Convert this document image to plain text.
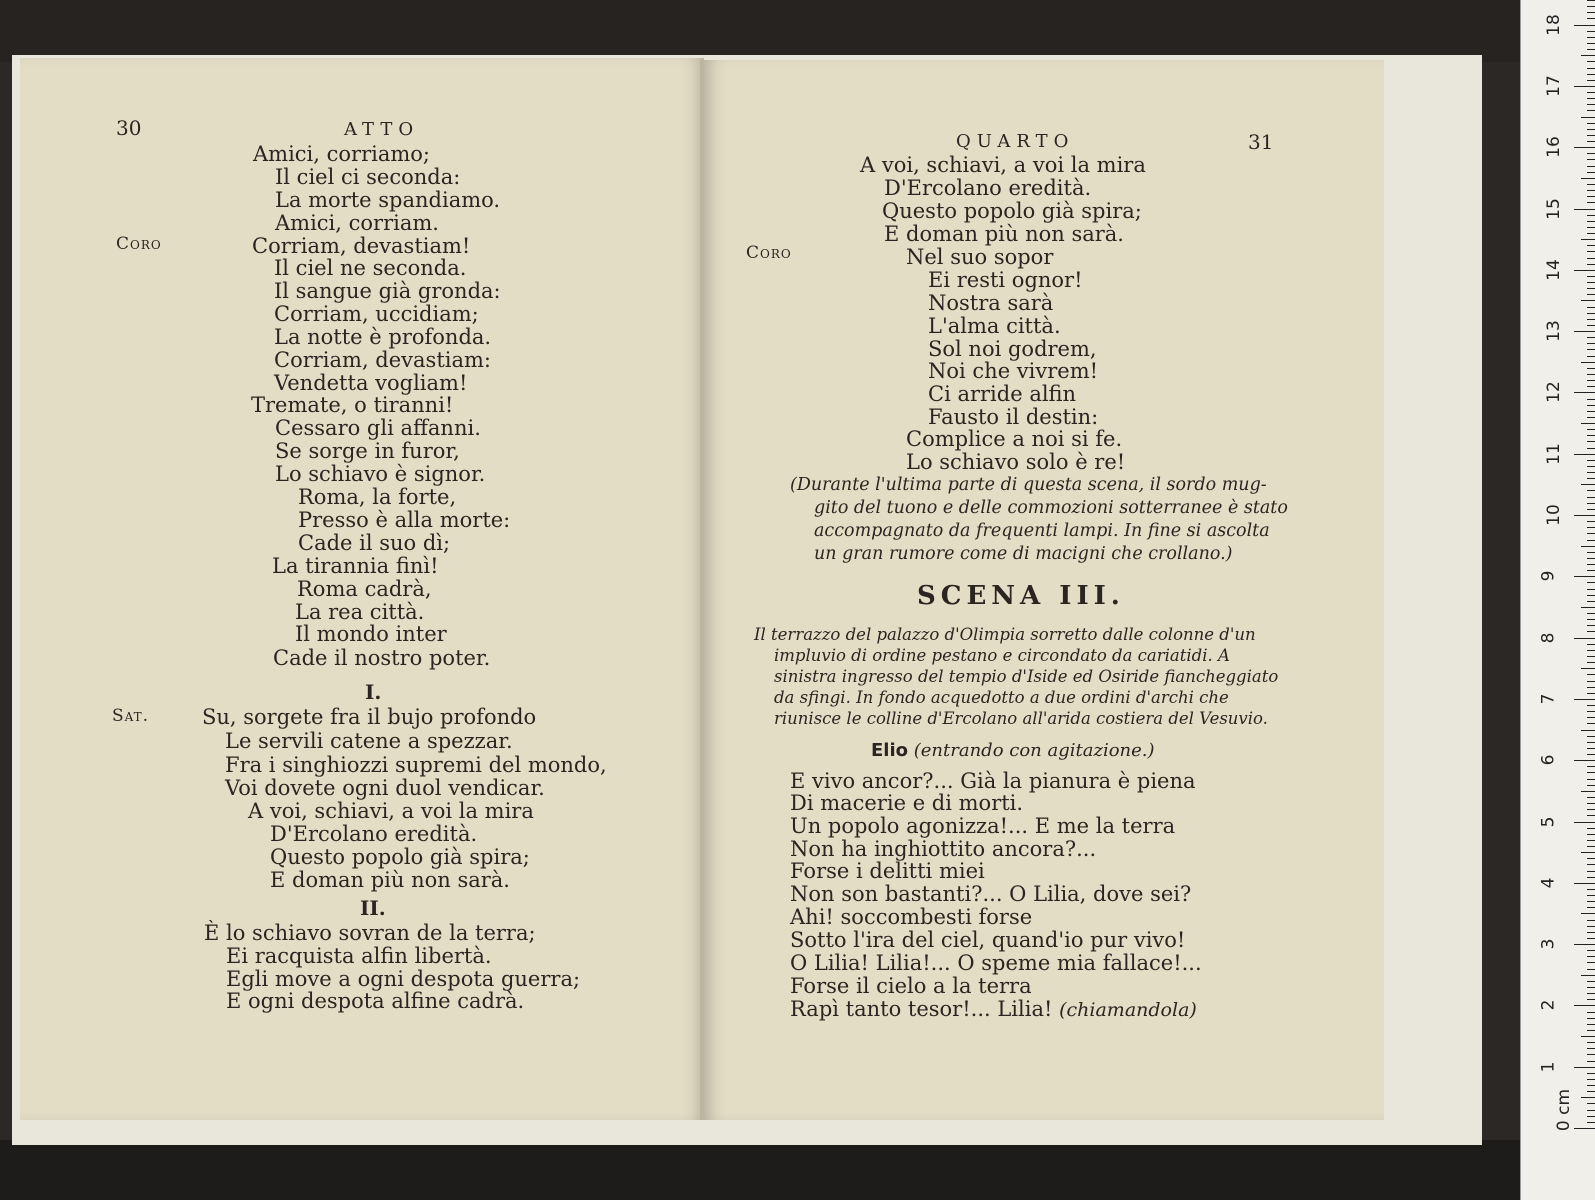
30	ATTO
Coro
Amici, corriamo;
Il ciel ci seconda:
La morte spandiamo.
Amici, corriam.
Corriam, devastiam!
Il ciel ne seconda.
Il sangue già gronda:
Corriam, uccidiam;
La notte è profonda.
Corriam, devastiam:
Vendetta vogliam!
Tremate, o tiranni!
Cessaro gli affanni.
Se sorge in furor,
Lo schiavo è signor.
Roma, la forte,
Presso è alla morte:
Cade il suo dì;
La tirannia finì!
Roma cadrà,
La rea città.
Il mondo inter
Cade il nostro poter.
I.
Sat.	Su, sorgete fra il bujo profondo
Le servili catene a spezzar.
Fra i singhiozzi supremi del mondo,
Voi dovete ogni duol vendicar.
A voi, schiavi, a voi la mira
D'Ercolano eredità.
Questo popolo già spira;
E doman più non sarà.
II.
È lo schiavo sovran de la terra;
Ei racquista alfin libertà.
Egli move a ogni despota guerra;
E ogni despota alfine cadrà.
QUARTO	31
A voi, schiavi, a voi la mira
D'Ercolano eredità.
Questo popolo già spira;
E doman più non sarà.
Coro	Nel suo sopor
Ei resti ognor!
Nostra sarà
L'alma città.
Sol noi godrem,
Noi che vivrem!
Ci arride alfin
Fausto il destin:
Complice a noi si fe.
Lo schiavo solo è re!
(Durante l'ultima parte di questa scena, il sordo mug-
gito del tuono e delle commozioni sotterranee è stato
accompagnato da frequenti lampi. In fine si ascolta
un gran rumore come di macigni che crollano.)
SCENA III.
Il terrazzo del palazzo d'Olimpia sorretto dalle colonne d'un
impluvio di ordine pestano e circondato da cariatidi. A
sinistra ingresso del tempio d'Iside ed Osiride fiancheggiato
da sfingi. In fondo acquedotto a due ordini d'archi che
riunisce le colline d'Ercolano all'arida costiera del Vesuvio.
Elio (entrando con agitazione.)
E vivo ancor?... Già la pianura è piena
Di macerie e di morti.
Un popolo agonizza!... E me la terra
Non ha inghiottito ancora?...
Forse i delitti miei
Non son bastanti?... O Lilia, dove sei?
Ahi! soccombesti forse
Sotto l'ira del ciel, quand'io pur vivo!
O Lilia! Lilia!... O speme mia fallace!...
Forse il cielo a la terra
Rapì tanto tesor!... Lilia! (chiamandola)
0 cm
1
2
3
4
5
6
7
8
9
10
11
12
13
14
15
16
17
18
